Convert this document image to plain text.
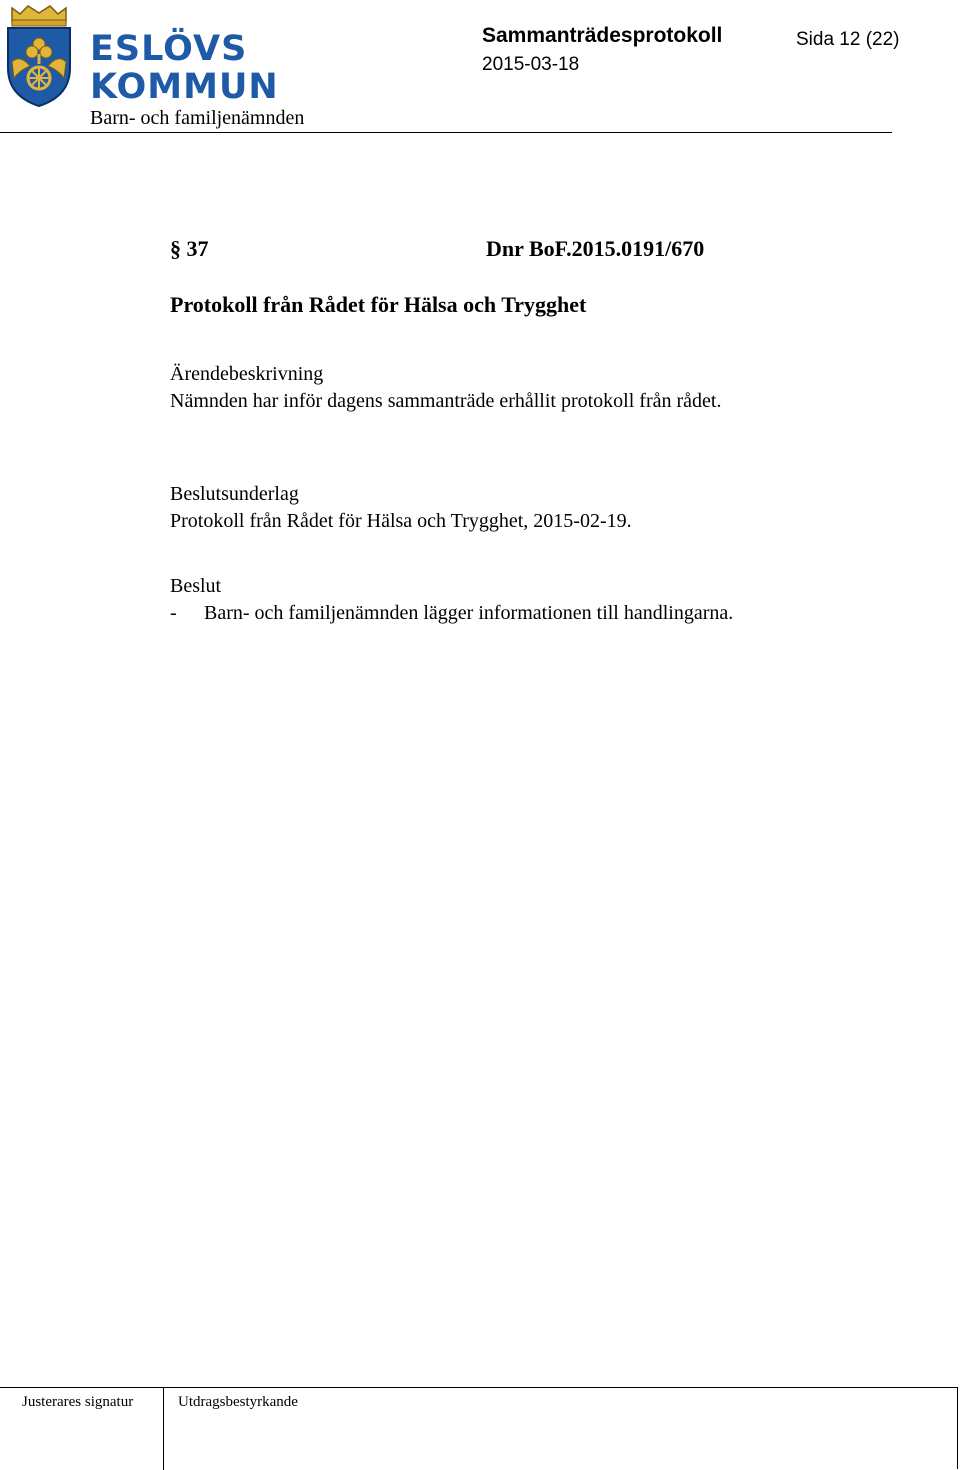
ESLÖVS
KOMMUN
Barn- och familjenämnden
Sammanträdesprotokoll
2015-03-18
Sida 12 (22)
§ 37	Dnr BoF.2015.0191/670
Protokoll från Rådet för Hälsa och Trygghet
Ärendebeskrivning

Nämnden har inför dagens sammanträde erhållit protokoll från rådet.

Beslutsunderlag

Protokoll från Rådet för Hälsa och Trygghet, 2015-02-19.

Beslut
- Barn- och familjenämnden lägger informationen till handlingarna.
Justerares signatur	Utdragsbestyrkande
